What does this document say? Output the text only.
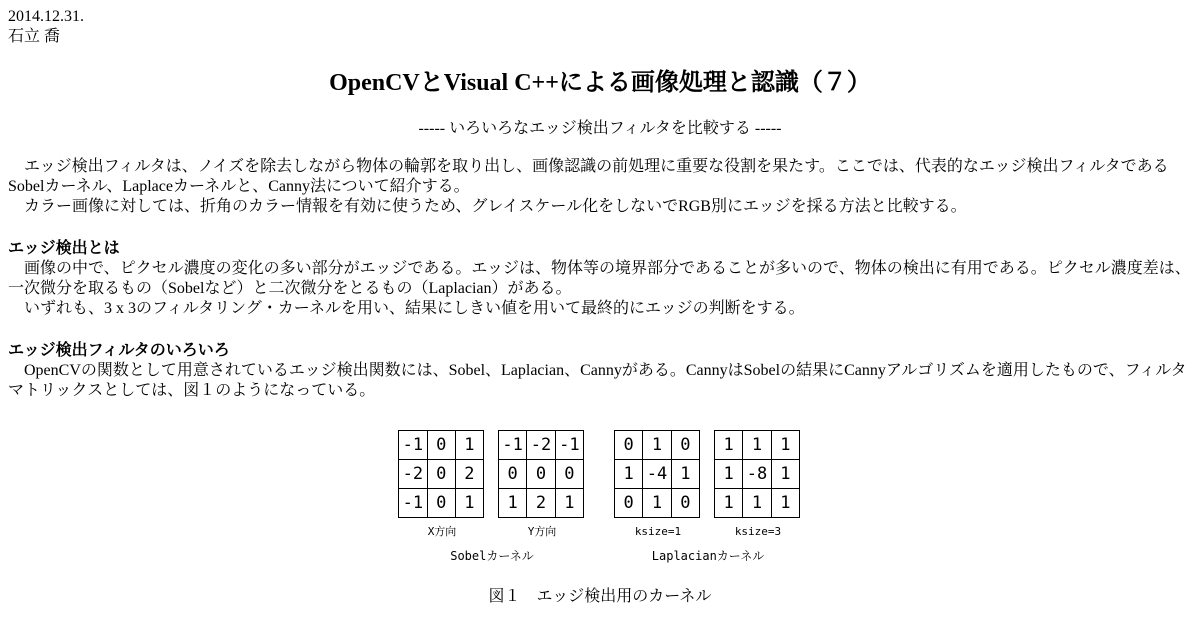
2014.12.31.
石立 喬
OpenCVとVisual C++による画像処理と認識（７）
----- いろいろなエッジ検出フィルタを比較する -----

エッジ検出フィルタは、ノイズを除去しながら物体の輪郭を取り出し、画像認識の前処理に重要な役割を果たす。ここでは、代表的なエッジ検出フィルタであるSobelカーネル、Laplaceカーネルと、Canny法について紹介する。

カラー画像に対しては、折角のカラー情報を有効に使うため、グレイスケール化をしないでRGB別にエッジを採る方法と比較する。

エッジ検出とは

画像の中で、ピクセル濃度の変化の多い部分がエッジである。エッジは、物体等の境界部分であることが多いので、物体の検出に有用である。ピクセル濃度差は、一次微分を取るもの（Sobelなど）と二次微分をとるもの（Laplacian）がある。

いずれも、3 x 3のフィルタリング・カーネルを用い、結果にしきい値を用いて最終的にエッジの判断をする。

エッジ検出フィルタのいろいろ

OpenCVの関数として用意されているエッジ検出関数には、Sobel、Laplacian、Cannyがある。CannyはSobelの結果にCannyアルゴリズムを適用したもので、フィルタマトリックスとしては、図１のようになっている。

-1	0	1
-2	0	2
-1	0	1
-1	-2	-1
0	0	0
1	2	1
0	1	0
1	-4	1
0	1	0
1	1	1
1	-8	1
1	1	1
X方向	Y方向	ksize=1	ksize=3
Sobelカーネル	Laplacianカーネル
図１　エッジ検出用のカーネル
